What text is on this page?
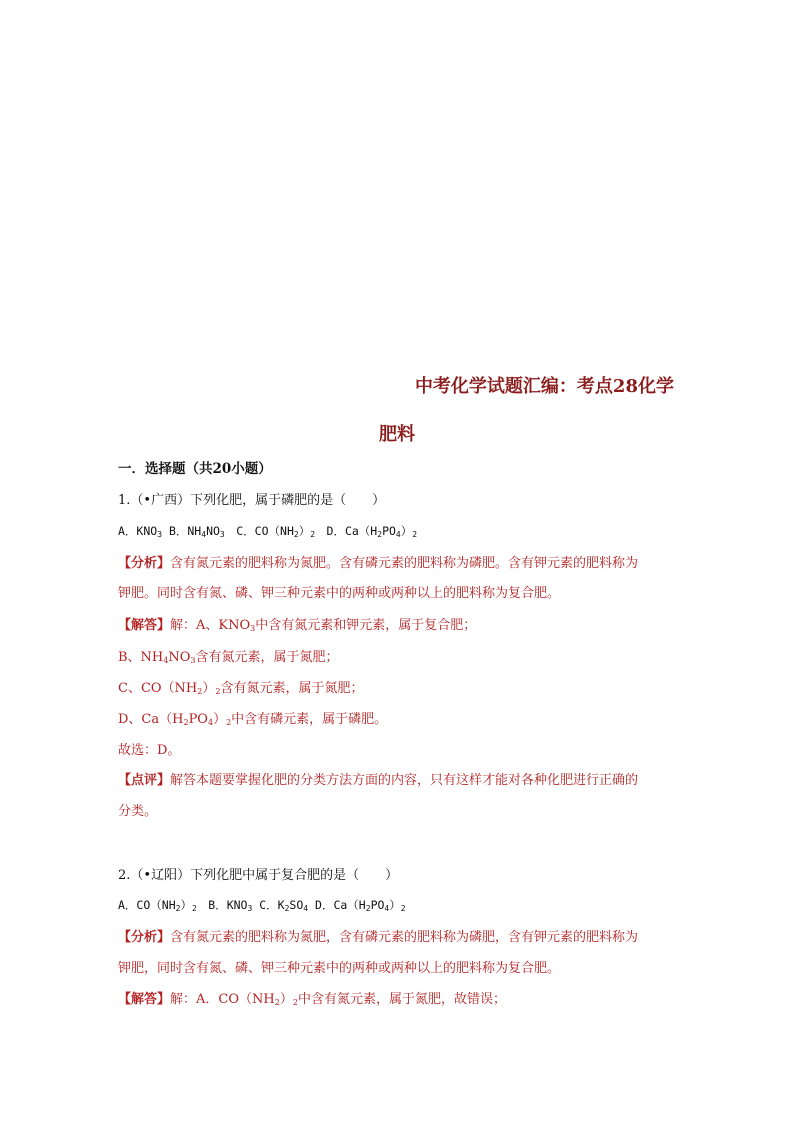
中考化学试题汇编：考点28化学
肥料
一．选择题（共20小题）
1.（•广西）下列化肥，属于磷肥的是（　　）
A．$KNO_3$ B．$NH_4NO_3$　C．$CO(NH_2)_2$　D．$Ca(H_2PO_4)_2$
【分析】含有氮元素的肥料称为氮肥。含有磷元素的肥料称为磷肥。含有钾元素的肥料称为
钾肥。同时含有氮、磷、钾三种元素中的两种或两种以上的肥料称为复合肥。
【解答】解：A、$KNO_3$中含有氮元素和钾元素，属于复合肥；
B、$NH_4NO_3$含有氮元素，属于氮肥；
C、$CO(NH_2)_2$含有氮元素，属于氮肥；
D、$Ca(H_2PO_4)_2$中含有磷元素，属于磷肥。
故选：D。
【点评】解答本题要掌握化肥的分类方法方面的内容，只有这样才能对各种化肥进行正确的
分类。
2.（•辽阳）下列化肥中属于复合肥的是（　　）
A．$CO(NH_2)_2$　B．$KNO_3$ C．$K_2SO_4$ D．$Ca(H_2PO_4)_2$
【分析】含有氮元素的肥料称为氮肥，含有磷元素的肥料称为磷肥，含有钾元素的肥料称为
钾肥，同时含有氮、磷、钾三种元素中的两种或两种以上的肥料称为复合肥。
【解答】解：A．$CO(NH_2)_2$中含有氮元素，属于氮肥，故错误；
